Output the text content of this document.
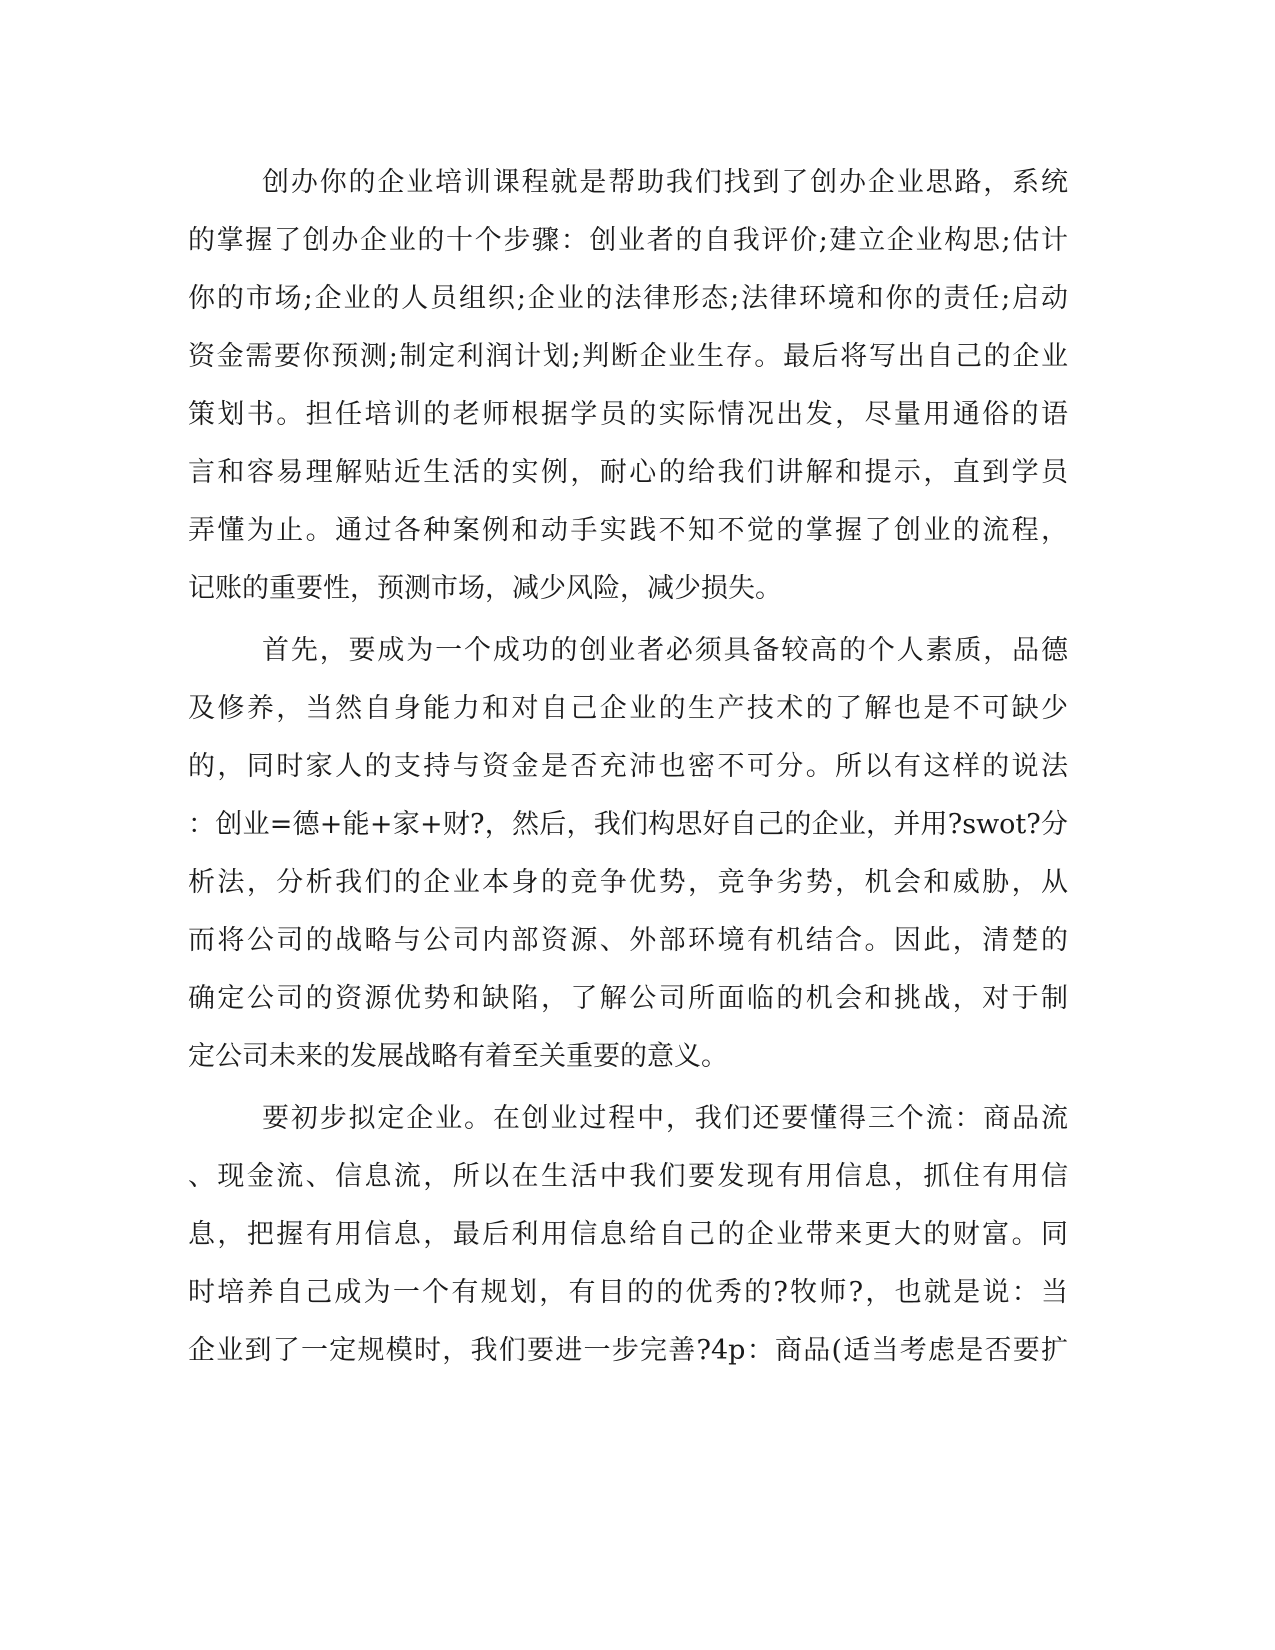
创办你的企业培训课程就是帮助我们找到了创办企业思路，系统
的掌握了创办企业的十个步骤：创业者的自我评价;建立企业构思;估计
你的市场;企业的人员组织;企业的法律形态;法律环境和你的责任;启动
资金需要你预测;制定利润计划;判断企业生存。最后将写出自己的企业
策划书。担任培训的老师根据学员的实际情况出发，尽量用通俗的语
言和容易理解贴近生活的实例，耐心的给我们讲解和提示，直到学员
弄懂为止。通过各种案例和动手实践不知不觉的掌握了创业的流程，
记账的重要性，预测市场，减少风险，减少损失。
首先，要成为一个成功的创业者必须具备较高的个人素质，品德
及修养，当然自身能力和对自己企业的生产技术的了解也是不可缺少
的，同时家人的支持与资金是否充沛也密不可分。所以有这样的说法
：创业=德+能+家+财?，然后，我们构思好自己的企业，并用?swot?分
析法，分析我们的企业本身的竞争优势，竞争劣势，机会和威胁，从
而将公司的战略与公司内部资源、外部环境有机结合。因此，清楚的
确定公司的资源优势和缺陷，了解公司所面临的机会和挑战，对于制
定公司未来的发展战略有着至关重要的意义。
要初步拟定企业。在创业过程中，我们还要懂得三个流：商品流
、现金流、信息流，所以在生活中我们要发现有用信息，抓住有用信
息，把握有用信息，最后利用信息给自己的企业带来更大的财富。同
时培养自己成为一个有规划，有目的的优秀的?牧师?，也就是说：当
企业到了一定规模时，我们要进一步完善?4p：商品(适当考虑是否要扩
